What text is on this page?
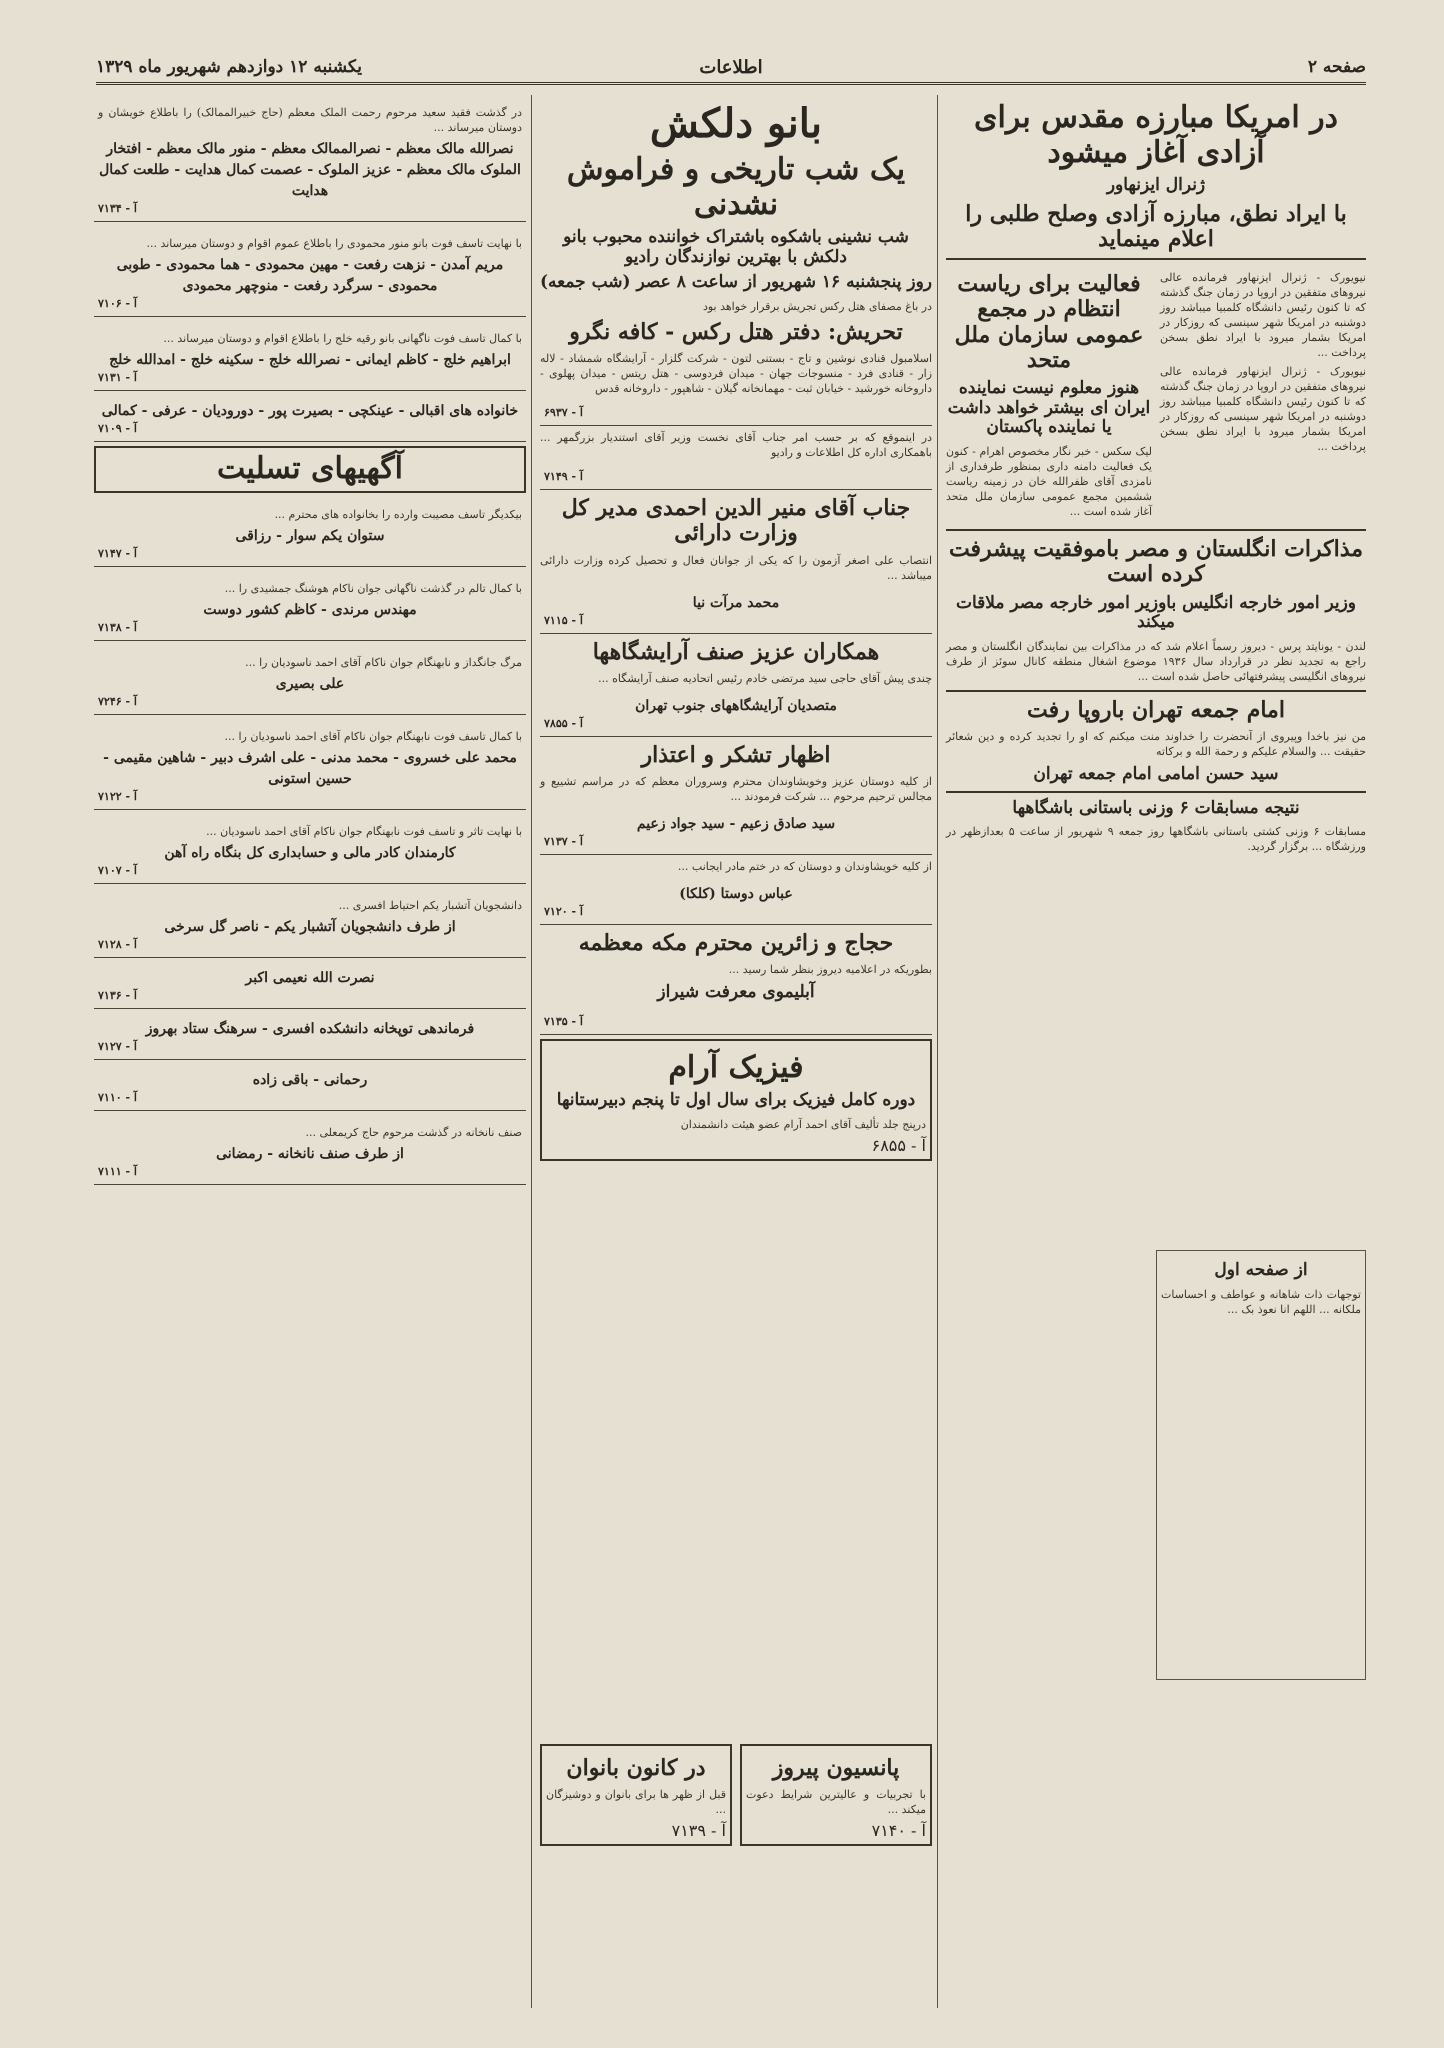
صفحه ۲
اطلاعات
یکشنبه ۱۲ دوازدهم شهریور ماه ۱۳۲۹
در امریکا مبارزه مقدس برای آزادی آغاز میشود
ژنرال ایزنهاور
با ایراد نطق، مبارزه آزادی وصلح طلبی را اعلام مینماید

نیویورک - ژنرال ایزنهاور فرمانده عالی نیروهای متفقین در اروپا در زمان جنگ گذشته که تا کنون رئیس دانشگاه کلمبیا میباشد روز دوشنبه در امریکا شهر سینسی که روزکار در امریکا بشمار میرود با ایراد نطق بسخن پرداخت ...

نیویورک - ژنرال ایزنهاور فرمانده عالی نیروهای متفقین در اروپا در زمان جنگ گذشته که تا کنون رئیس دانشگاه کلمبیا میباشد روز دوشنبه در امریکا شهر سینسی که روزکار در امریکا بشمار میرود با ایراد نطق بسخن پرداخت ...

فعالیت برای ریاست انتظام در مجمع عمومی سازمان ملل متحد
هنوز معلوم نیست نماینده ایران ای بیشتر خواهد داشت یا نماینده پاکستان

لیک سکس - خبر نگار مخصوص اهرام - کنون یک فعالیت دامنه داری بمنظور طرفداری از نامزدی آقای ظفرالله خان در زمینه ریاست ششمین مجمع عمومی سازمان ملل متحد آغاز شده است ...

مذاکرات انگلستان و مصر باموفقیت پیشرفت کرده است
وزیر امور خارجه انگلیس باوزیر امور خارجه مصر ملاقات میکند

لندن - یونایتد پرس - دیروز رسماً اعلام شد که در مذاکرات بین نمایندگان انگلستان و مصر راجع به تجدید نظر در قرارداد سال ۱۹۳۶ موضوع اشغال منطقه کانال سوئز از طرف نیروهای انگلیسی پیشرفتهائی حاصل شده است ...

امام جمعه تهران باروپا رفت

من نیز باخدا وپیروی از آنحضرت را خداوند منت میکنم که او را تجدید کرده و دین شعائر حقیقت ... والسلام علیکم و رحمة الله و برکاته

سید حسن امامی امام جمعه تهران
نتیجه مسابقات ۶ وزنی باستانی باشگاهها

مسابقات ۶ وزنی کشتی باستانی باشگاهها روز جمعه ۹ شهریور از ساعت ۵ بعدازظهر در ورزشگاه ... برگزار گردید.

بانو دلکش
یک شب تاریخی و فراموش نشدنی
شب نشینی باشکوه باشتراک خواننده محبوب بانو دلکش با بهترین نوازندگان رادیو
روز پنجشنبه ۱۶ شهریور از ساعت ۸ عصر (شب جمعه)

در باغ مصفای هتل رکس تجریش برقرار خواهد بود

تحریش: دفتر هتل رکس - کافه نگرو

اسلامبول قنادی نوشین و تاج - بستنی لتون - شرکت گلزار - آرایشگاه شمشاد - لاله زار - قنادی فرد - منسوجات جهان - میدان فردوسی - هتل ریتس - میدان پهلوی - داروخانه خورشید - خیابان ثبت - مهمانخانه گیلان - شاهپور - داروخانه قدس

آ - ۶۹۳۷

در اینموقع که بر حسب امر جناب آقای نخست وزیر آقای استندیار بزرگمهر ... باهمکاری اداره کل اطلاعات و رادیو

آ - ۷۱۴۹
جناب آقای منیر الدین احمدی مدیر کل وزارت دارائی

انتصاب علی اصغر آزمون را که یکی از جوانان فعال و تحصیل کرده وزارت دارائی میباشد ...

محمد مرآت نیا
آ - ۷۱۱۵
همکاران عزیز صنف آرایشگاهها

چندی پیش آقای حاجی سید مرتضی خادم رئیس اتحادیه صنف آرایشگاه ...

متصدیان آرایشگاههای جنوب تهران
آ - ۷۸۵۵
اظهار تشکر و اعتذار

از کلیه دوستان عزیز وخویشاوندان محترم وسروران معظم که در مراسم تشییع و مجالس ترحیم مرحوم ... شرکت فرمودند ...

سید صادق زعیم - سید جواد زعیم
آ - ۷۱۳۷

از کلیه خویشاوندان و دوستان که در ختم مادر ایجانب ...

عباس دوستا (کلکا)
آ - ۷۱۲۰
حجاج و زائرین محترم مکه معظمه

بطوریکه در اعلامیه دیروز بنظر شما رسید ...

آبلیموی معرفت شیراز
آ - ۷۱۳۵
فیزیک آرام
دوره کامل فیزیک برای سال اول تا پنجم دبیرستانها

درپنج جلد تألیف آقای احمد آرام عضو هیئت دانشمندان

آ - ۶۸۵۵

در گذشت فقید سعید مرحوم رحمت الملک معظم (حاج خبیرالممالک) را باطلاع خویشان و دوستان میرساند ...

نصرالله مالک معظم - نصرالممالک معظم - منور مالک معظم - افتخار الملوک مالک معظم - عزیز الملوک - عصمت کمال هدایت - طلعت کمال هدایت
آ - ۷۱۳۴

با نهایت تاسف فوت بانو منور محمودی را باطلاع عموم اقوام و دوستان میرساند ...

مریم آمدن - نزهت رفعت - مهین محمودی - هما محمودی - طوبی محمودی - سرگرد رفعت - منوچهر محمودی
آ - ۷۱۰۶

با کمال تاسف فوت ناگهانی بانو رقیه خلج را باطلاع اقوام و دوستان میرساند ...

ابراهیم خلج - کاظم ایمانی - نصرالله خلج - سکینه خلج - امدالله خلج
آ - ۷۱۳۱
خانواده های اقبالی - عینکچی - بصیرت پور - دورودیان - عرفی - کمالی
آ - ۷۱۰۹
آگهیهای تسلیت

بیکدیگر تاسف مصیبت وارده را بخانواده های محترم ...

ستوان یکم سوار - رزاقی
آ - ۷۱۴۷

با کمال تالم در گذشت ناگهانی جوان ناکام هوشنگ جمشیدی را ...

مهندس مرندی - کاظم کشور دوست
آ - ۷۱۳۸

مرگ جانگداز و نابهنگام جوان ناکام آقای احمد ناسودیان را ...

علی بصیری
آ - ۷۲۴۶

با کمال تاسف فوت نابهنگام جوان ناکام آقای احمد ناسودیان را ...

محمد علی خسروی - محمد مدنی - علی اشرف دبیر - شاهین مقیمی - حسین استونی
آ - ۷۱۲۲

با نهایت تاثر و تاسف فوت نابهنگام جوان ناکام آقای احمد ناسودیان ...

کارمندان کادر مالی و حسابداری کل بنگاه راه آهن
آ - ۷۱۰۷

دانشجویان آتشبار یکم احتیاط افسری ...

از طرف دانشجویان آتشبار یکم - ناصر گل سرخی
آ - ۷۱۲۸
نصرت الله نعیمی اکبر
آ - ۷۱۳۶
فرماندهی توپخانه دانشکده افسری - سرهنگ ستاد بهروز
آ - ۷۱۲۷
رحمانی - باقی زاده
آ - ۷۱۱۰

صنف نانخانه در گذشت مرحوم حاج کریمعلی ...

از طرف صنف نانخانه - رمضانی
آ - ۷۱۱۱
پانسیون پیروز

با تجربیات و عالیترین شرایط دعوت میکند ...

آ - ۷۱۴۰
در کانون بانوان

قبل از ظهر ها برای بانوان و دوشیزگان ...

آ - ۷۱۳۹
از صفحه اول

توجهات ذات شاهانه و عواطف و احساسات ملکانه ... اللهم انا نعوذ بک ...
